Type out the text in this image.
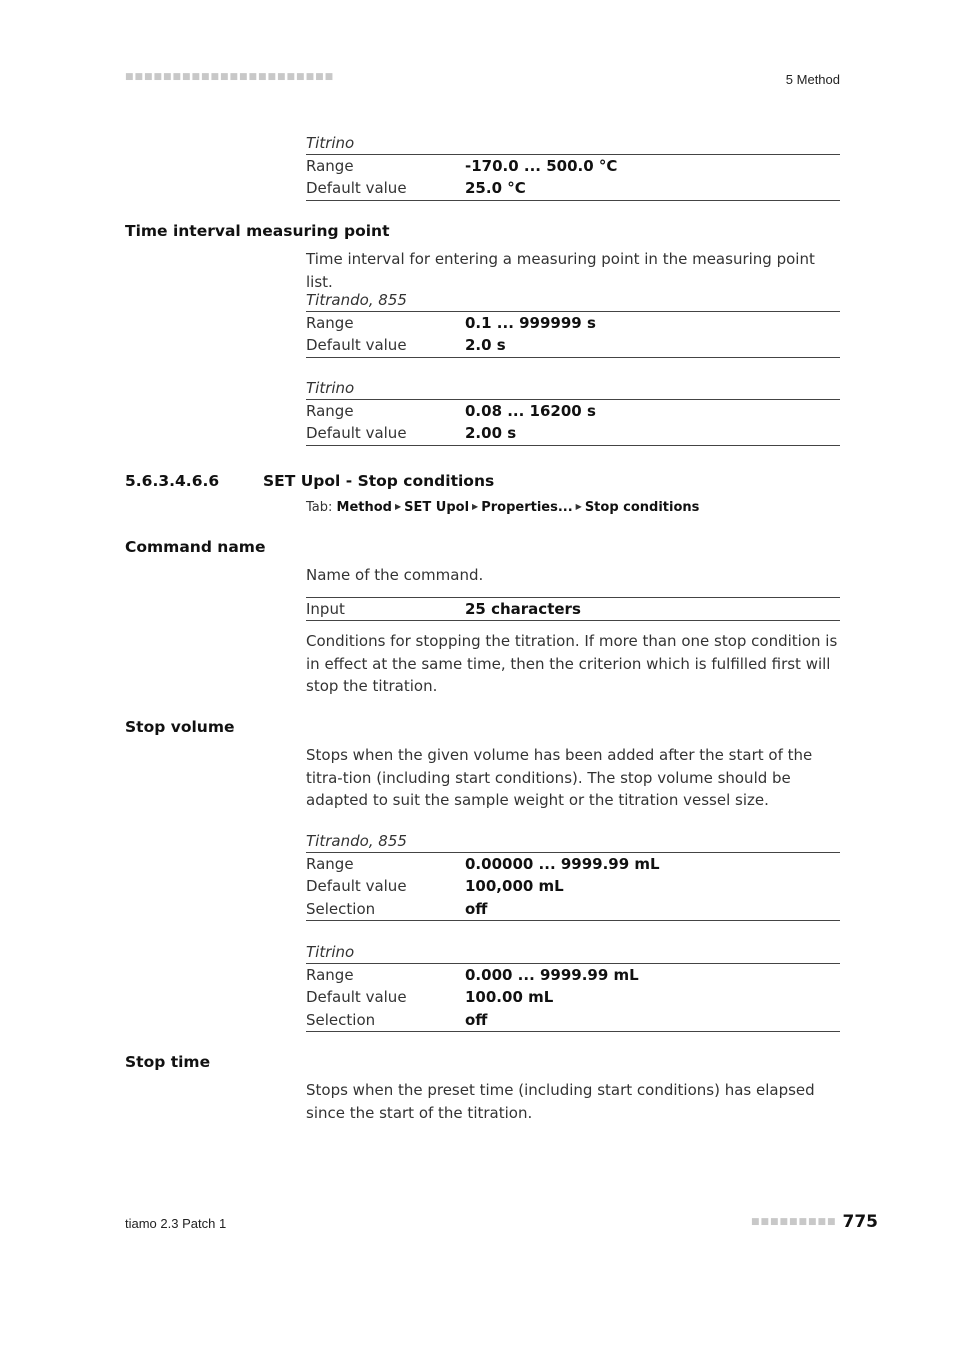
■■■■■■■■■■■■■■■■■■■■■■	5 Method
Titrino
Range	-170.0 ... 500.0 °C
Default value	25.0 °C
Time interval measuring point
Time interval for entering a measuring point in the measuring point list.
Titrando, 855
Range	0.1 ... 999999 s
Default value	2.0 s
Titrino
Range	0.08 ... 16200 s
Default value	2.00 s
5.6.3.4.6.6	SET Upol - Stop conditions
Tab: Method ▶ SET Upol ▶ Properties... ▶ Stop conditions
Command name
Name of the command.
Input	25 characters
Conditions for stopping the titration. If more than one stop condition is in effect at the same time, then the criterion which is fulfilled first will stop the titration.
Stop volume
Stops when the given volume has been added after the start of the titra-tion (including start conditions). The stop volume should be adapted to suit the sample weight or the titration vessel size.
Titrando, 855
Range	0.00000 ... 9999.99 mL
Default value	100,000 mL
Selection	off
Titrino
Range	0.000 ... 9999.99 mL
Default value	100.00 mL
Selection	off
Stop time
Stops when the preset time (including start conditions) has elapsed since the start of the titration.
tiamo 2.3 Patch 1	■■■■■■■■■ 775
